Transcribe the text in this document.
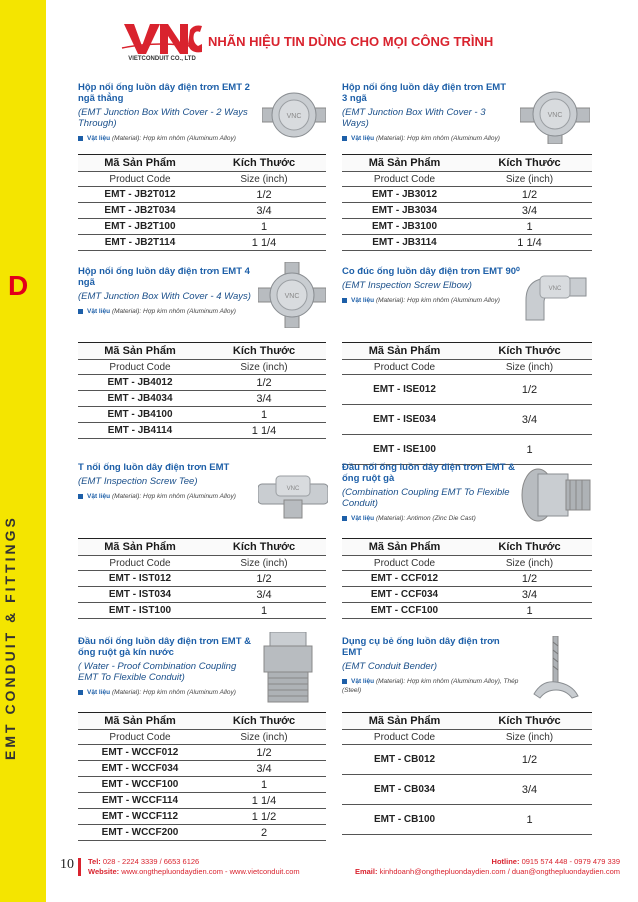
D
EMT CONDUIT & FITTINGS
VIETCONDUIT CO., LTD
NHÃN HIỆU TIN DÙNG CHO MỌI CÔNG TRÌNH
Hộp nối ống luồn dây điện trơn EMT 2 ngã thẳng
(EMT Junction Box With Cover - 2 Ways Through)
Vật liệu (Material): Hợp kim nhôm (Aluminum Alloy)
VNC
Mã Sản Phẩm	Kích Thước
Product Code	Size (inch)
EMT - JB2T012	1/2
EMT - JB2T034	3/4
EMT - JB2T100	1
EMT - JB2T114	1 1/4
Hộp nối ống luồn dây điện trơn EMT 3 ngã
(EMT Junction Box With Cover - 3 Ways)
Vật liệu (Material): Hợp kim nhôm (Aluminum Alloy)
VNC
Mã Sản Phẩm	Kích Thước
Product Code	Size (inch)
EMT - JB3012	1/2
EMT - JB3034	3/4
EMT - JB3100	1
EMT - JB3114	1 1/4
Hộp nối ống luồn dây điện trơn EMT 4 ngã
(EMT Junction Box With Cover - 4 Ways)
Vật liệu (Material): Hợp kim nhôm (Aluminum Alloy)
VNC
Mã Sản Phẩm	Kích Thước
Product Code	Size (inch)
EMT - JB4012	1/2
EMT - JB4034	3/4
EMT - JB4100	1
EMT - JB4114	1 1/4
Co đúc ống luồn dây điện trơn EMT 90⁰
(EMT Inspection Screw Elbow)
Vật liệu (Material): Hợp kim nhôm (Aluminum Alloy)
VNC
Mã Sản Phẩm	Kích Thước
Product Code	Size (inch)
EMT - ISE012	1/2
EMT - ISE034	3/4
EMT - ISE100	1
T nối ống luồn dây điện trơn EMT
(EMT Inspection Screw Tee)
Vật liệu (Material): Hợp kim nhôm (Aluminum Alloy)
VNC
Mã Sản Phẩm	Kích Thước
Product Code	Size (inch)
EMT - IST012	1/2
EMT - IST034	3/4
EMT - IST100	1
Đầu nối ống luồn dây điện trơn EMT & ống ruột gà
(Combination Coupling EMT To Flexible Conduit)
Vật liệu (Material): Antimon (Zinc Die Cast)
Mã Sản Phẩm	Kích Thước
Product Code	Size (inch)
EMT - CCF012	1/2
EMT - CCF034	3/4
EMT - CCF100	1
Đầu nối ống luồn dây điện trơn EMT & ống ruột gà kín nước
( Water - Proof Combination Coupling EMT To Flexible Conduit)
Vật liệu (Material): Hợp kim nhôm (Aluminum Alloy)
Mã Sản Phẩm	Kích Thước
Product Code	Size (inch)
EMT - WCCF012	1/2
EMT - WCCF034	3/4
EMT - WCCF100	1
EMT - WCCF114	1 1/4
EMT - WCCF112	1 1/2
EMT - WCCF200	2
Dụng cụ bẻ ống luồn dây điện trơn EMT
(EMT Conduit Bender)
Vật liệu (Material): Hợp kim nhôm (Aluminum Alloy), Thép (Steel)
Mã Sản Phẩm	Kích Thước
Product Code	Size (inch)
EMT - CB012	1/2
EMT - CB034	3/4
EMT - CB100	1
10 Tel: 028 - 2224 3339 / 6653 6126
Website: www.ongthepluondaydien.com - www.vietconduit.com
Hotline: 0915 574 448 - 0979 479 339
Email: kinhdoanh@ongthepluondaydien.com / duan@ongthepluondaydien.com
